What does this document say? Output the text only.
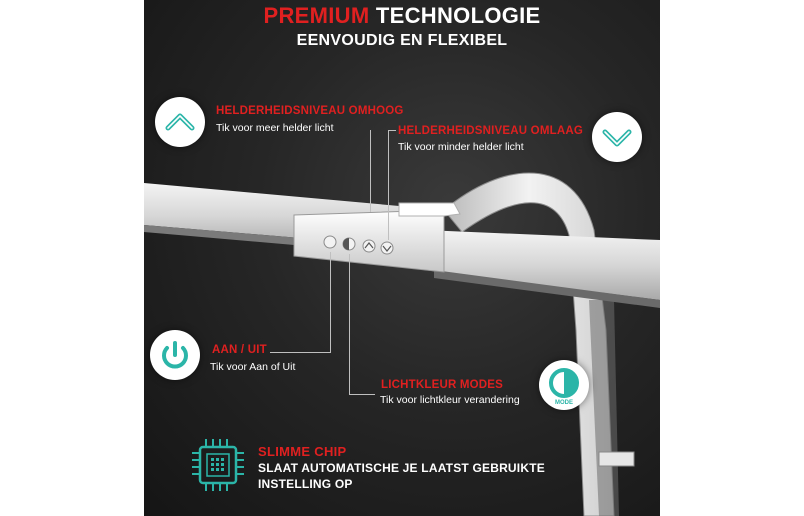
PREMIUM TECHNOLOGIE
EENVOUDIG EN FLEXIBEL
HELDERHEIDSNIVEAU OMHOOG
Tik voor meer helder licht	HELDERHEIDSNIVEAU OMLAAG
Tik voor minder helder licht
AAN / UIT
Tik voor Aan of Uit
MODE
LICHTKLEUR MODES
Tik voor lichtkleur verandering
SLIMME CHIP
SLAAT AUTOMATISCHE JE LAATST GEBRUIKTE INSTELLING OP
